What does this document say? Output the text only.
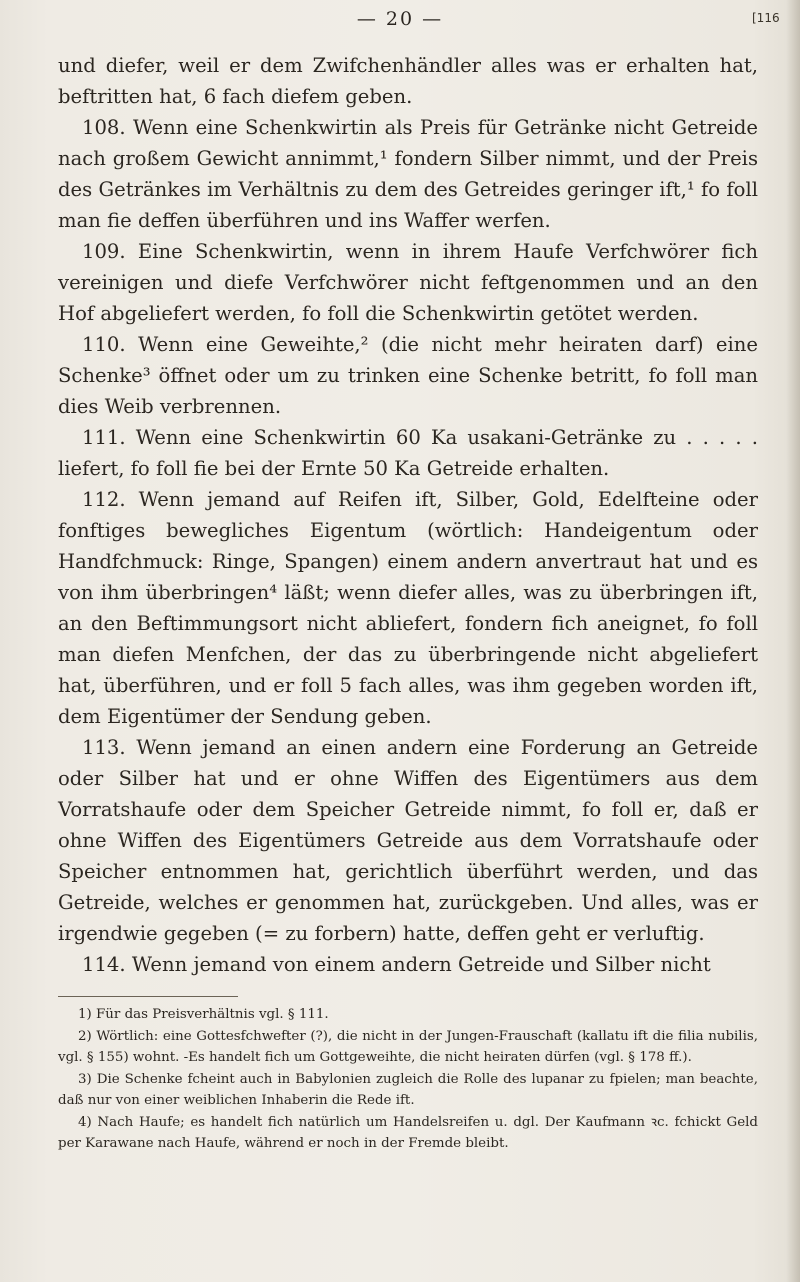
— 20 —	[116

und diefer, weil er dem Zwifchenhändler alles was er erhalten hat, beftritten hat, 6 fach diefem geben.

108. Wenn eine Schenkwirtin als Preis für Getränke nicht Getreide nach großem Gewicht annimmt,¹ fondern Silber nimmt, und der Preis des Getränkes im Verhältnis zu dem des Getreides geringer ift,¹ fo foll man fie deffen überführen und ins Waffer werfen.

109. Eine Schenkwirtin, wenn in ihrem Haufe Verfchwörer fich vereinigen und diefe Verfchwörer nicht feftgenommen und an den Hof abgeliefert werden, fo foll die Schenkwirtin getötet werden.

110. Wenn eine Geweihte,² (die nicht mehr heiraten darf) eine Schenke³ öffnet oder um zu trinken eine Schenke betritt, fo foll man dies Weib verbrennen.

111. Wenn eine Schenkwirtin 60 Ka usakani-Getränke zu . . . . . liefert, fo foll fie bei der Ernte 50 Ka Getreide erhalten.

112. Wenn jemand auf Reifen ift, Silber, Gold, Edelfteine oder fonftiges bewegliches Eigentum (wörtlich: Handeigentum oder Handfchmuck: Ringe, Spangen) einem andern anvertraut hat und es von ihm überbringen⁴ läßt; wenn diefer alles, was zu überbringen ift, an den Beftimmungsort nicht abliefert, fondern fich aneignet, fo foll man diefen Menfchen, der das zu überbringende nicht abgeliefert hat, überführen, und er foll 5 fach alles, was ihm gegeben worden ift, dem Eigentümer der Sendung geben.

113. Wenn jemand an einen andern eine Forderung an Getreide oder Silber hat und er ohne Wiffen des Eigentümers aus dem Vorratshaufe oder dem Speicher Getreide nimmt, fo foll er, daß er ohne Wiffen des Eigentümers Getreide aus dem Vorratshaufe oder Speicher entnommen hat, gerichtlich überführt werden, und das Getreide, welches er genommen hat, zurückgeben. Und alles, was er irgendwie gegeben (= zu forbern) hatte, deffen geht er verluftig.

114. Wenn jemand von einem andern Getreide und Silber nicht

1) Für das Preisverhältnis vgl. § 111.

2) Wörtlich: eine Gottesfchwefter (?), die nicht in der Jungen-Frauschaft (kallatu ift die filia nubilis, vgl. § 155) wohnt. -Es handelt fich um Gottgeweihte, die nicht heiraten dürfen (vgl. § 178 ff.).

3) Die Schenke fcheint auch in Babylonien zugleich die Rolle des lupanar zu fpielen; man beachte, daß nur von einer weiblichen Inhaberin die Rede ift.

4) Nach Haufe; es handelt fich natürlich um Handelsreifen u. dgl. Der Kaufmann ꝛc. fchickt Geld per Karawane nach Haufe, während er noch in der Fremde bleibt.
